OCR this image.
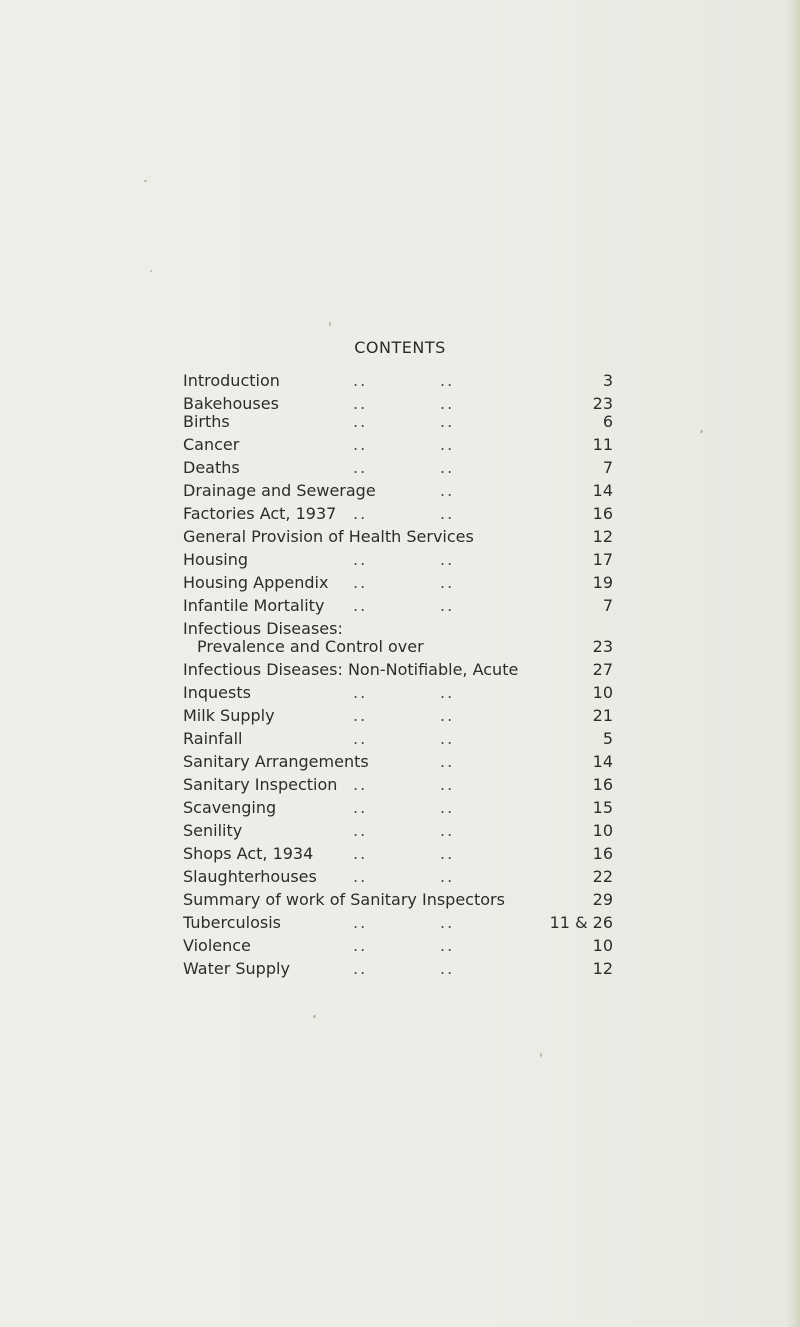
CONTENTS
Introduction	..	..	3
Bakehouses	..	..	23
Births	..	..	6
Cancer	..	..	11
Deaths	..	..	7
Drainage and Sewerage	..	14
Factories Act, 1937 ..	..	16
General Provision of Health Services	12
Housing	..	..	17
Housing Appendix ..	..	19
Infantile Mortality ..	..	7
Infectious Diseases:
Prevalence and Control over	23
Infectious Diseases: Non-Notifiable, Acute	27
Inquests	..	..	10
Milk Supply	..	..	21
Rainfall	..	..	5
Sanitary Arrangements	..	14
Sanitary Inspection ..	..	16
Scavenging	..	..	15
Senility	..	..	10
Shops Act, 1934 ..	..	16
Slaughterhouses ..	..	22
Summary of work of Sanitary Inspectors	29
Tuberculosis	..	..	11 & 26
Violence	..	..	10
Water Supply	..	..	12
